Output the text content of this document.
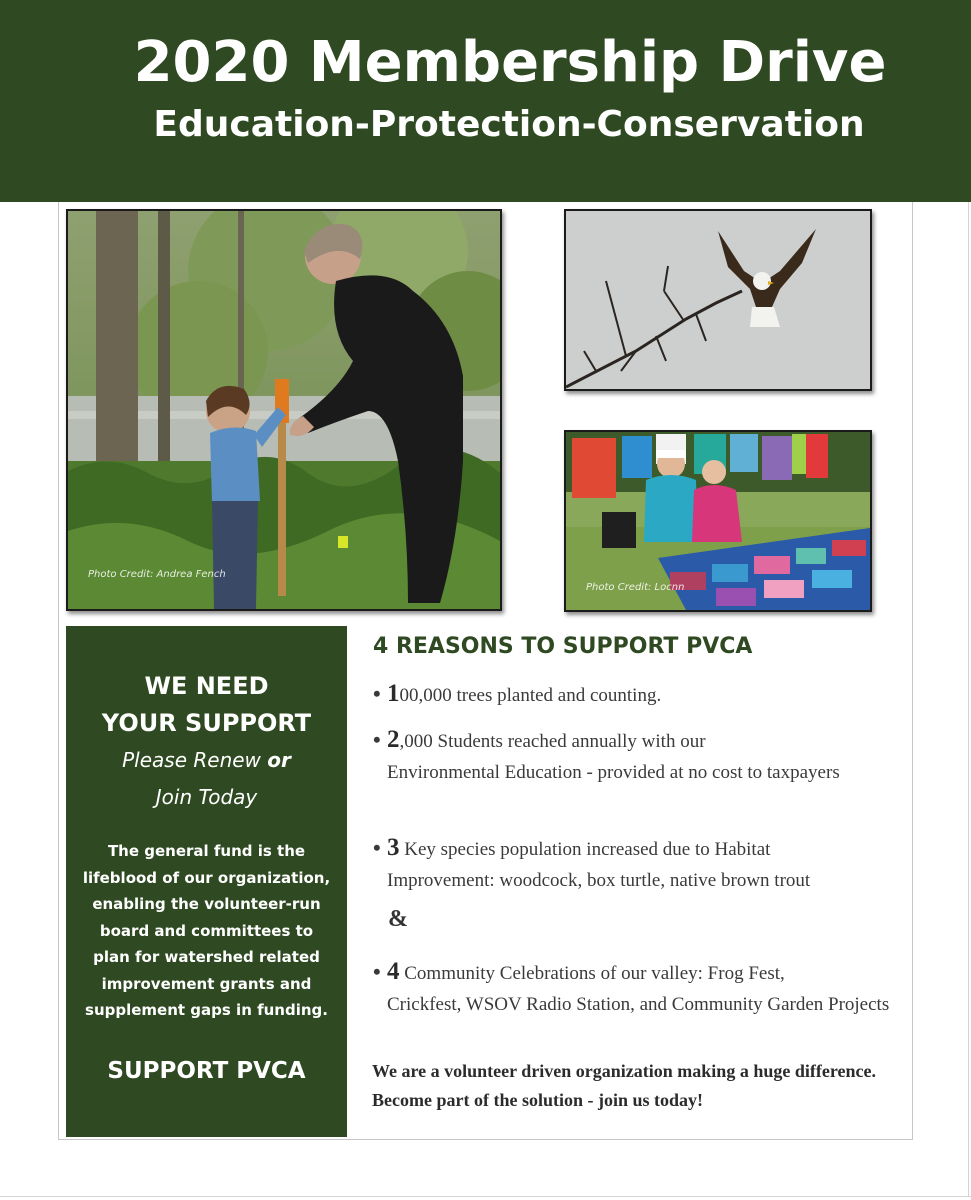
2020 Membership Drive
Education-Protection-Conservation
Photo Credit: Andrea Fench
Photo Credit: Locnn
WE NEED
YOUR SUPPORT
Please Renew or
Join Today
The general fund is the lifeblood of our organization, enabling the volunteer-run board and committees to plan for watershed related improvement grants and supplement gaps in funding.
SUPPORT PVCA
4 REASONS TO SUPPORT PVCA
• 100,000 trees planted and counting.
• 2,000 Students reached annually with our
Environmental Education - provided at no cost to taxpayers
• 3 Key species population increased due to Habitat
Improvement: woodcock, box turtle, native brown trout
&
• 4 Community Celebrations of our valley: Frog Fest,
Crickfest, WSOV Radio Station, and Community Garden Projects
We are a volunteer driven organization making a huge difference. Become part of the solution - join us today!
